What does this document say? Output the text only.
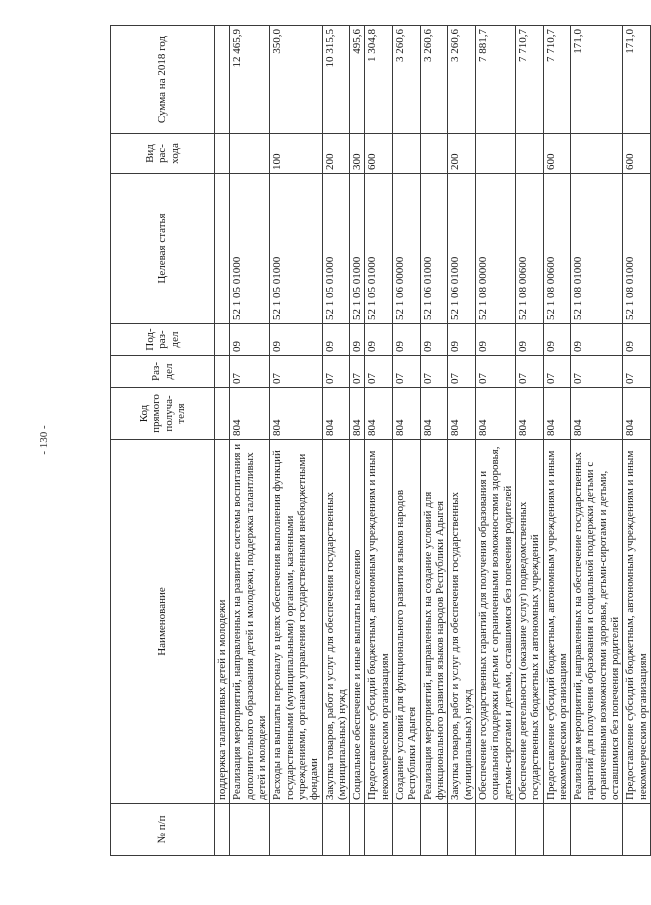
- 130 -
№ п/п	Наименование	Код прямого получа-теля	Раз-дел	Под-раз-дел	Целевая статья	Вид рас-хода	Сумма на 2018 год
	поддержка талантливых детей и молодежи						
	Реализация мероприятий, направленных на развитие системы воспитания и дополнительного образования детей и молодежи, поддержка талантливых детей и молодежи	804	07	09	52 1 05 01000		12 465,9
	Расходы на выплаты персоналу в целях обеспечения выполнения функций государственными (муниципальными) органами, казенными учреждениями, органами управления государственными внебюджетными фондами	804	07	09	52 1 05 01000	100	350,0
	Закупка товаров, работ и услуг для обеспечения государственных (муниципальных) нужд	804	07	09	52 1 05 01000	200	10 315,5
	Социальное обеспечение и иные выплаты населению	804	07	09	52 1 05 01000	300	495,6
	Предоставление субсидий бюджетным, автономным учреждениям и иным некоммерческим организациям	804	07	09	52 1 05 01000	600	1 304,8
	Создание условий для функционального развития языков народов Республики Адыгея	804	07	09	52 1 06 00000		3 260,6
	Реализация мероприятий, направленных на создание условий для функционального развития языков народов Республики Адыгея	804	07	09	52 1 06 01000		3 260,6
	Закупка товаров, работ и услуг для обеспечения государственных (муниципальных) нужд	804	07	09	52 1 06 01000	200	3 260,6
	Обеспечение государственных гарантий для получения образования и социальной поддержки детьми с ограниченными возможностями здоровья, детьми-сиротами и детьми, оставшимися без попечения родителей	804	07	09	52 1 08 00000		7 881,7
	Обеспечение деятельности (оказание услуг) подведомственных государственных бюджетных и автономных учреждений	804	07	09	52 1 08 00600		7 710,7
	Предоставление субсидий бюджетным, автономным учреждениям и иным некоммерческим организациям	804	07	09	52 1 08 00600	600	7 710,7
	Реализация мероприятий, направленных на обеспечение государственных гарантий для получения образования и социальной поддержки детьми с ограниченными возможностями здоровья, детьми-сиротами и детьми, оставшимися без попечения родителей	804	07	09	52 1 08 01000		171,0
	Предоставление субсидий бюджетным, автономным учреждениям и иным некоммерческим организациям	804	07	09	52 1 08 01000	600	171,0
